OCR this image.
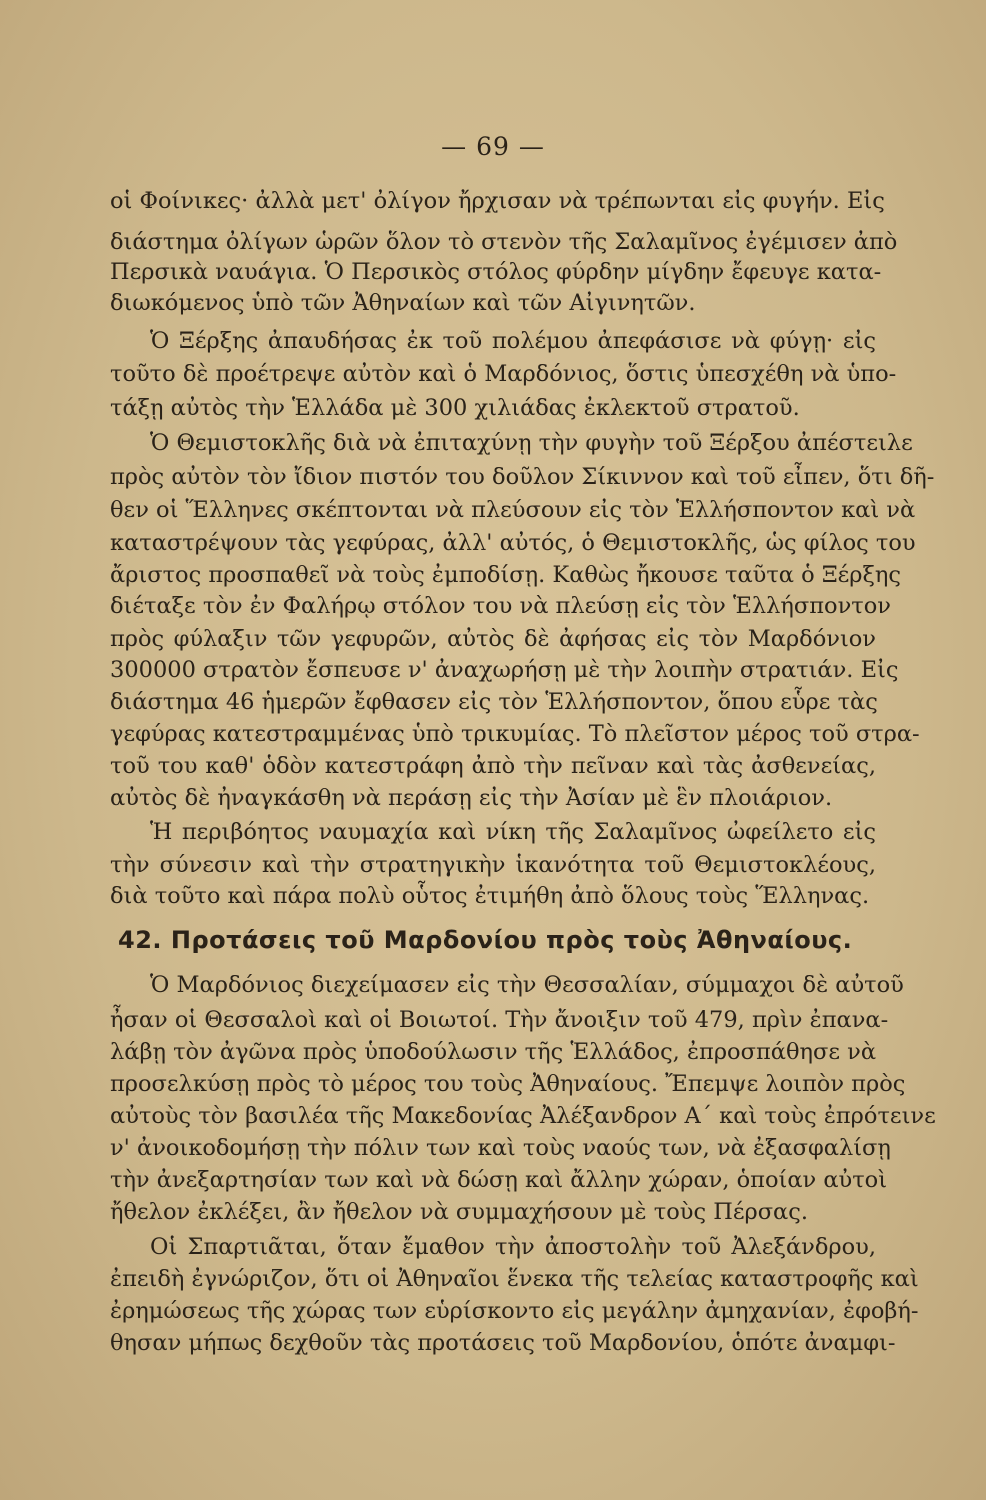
— 69 —
οἱ Φοίνικες· ἀλλὰ μετ' ὀλίγον ἤρχισαν νὰ τρέπωνται εἰς φυγήν. Εἰς
διάστημα ὀλίγων ὡρῶν ὅλον τὸ στενὸν τῆς Σαλαμῖνος ἐγέμισεν ἀπὸ
Περσικὰ ναυάγια. Ὁ Περσικὸς στόλος φύρδην μίγδην ἔφευγε κατα-
διωκόμενος ὑπὸ τῶν Ἀθηναίων καὶ τῶν Αἰγινητῶν.
Ὁ Ξέρξης ἀπαυδήσας ἐκ τοῦ πολέμου ἀπεφάσισε νὰ φύγῃ· εἰς
τοῦτο δὲ προέτρεψε αὐτὸν καὶ ὁ Μαρδόνιος, ὅστις ὑπεσχέθη νὰ ὑπο-
τάξῃ αὐτὸς τὴν Ἑλλάδα μὲ 300 χιλιάδας ἐκλεκτοῦ στρατοῦ.
Ὁ Θεμιστοκλῆς διὰ νὰ ἐπιταχύνῃ τὴν φυγὴν τοῦ Ξέρξου ἀπέστειλε
πρὸς αὐτὸν τὸν ἴδιον πιστόν του δοῦλον Σίκιννον καὶ τοῦ εἶπεν, ὅτι δῆ-
θεν οἱ Ἕλληνες σκέπτονται νὰ πλεύσουν εἰς τὸν Ἑλλήσποντον καὶ νὰ
καταστρέψουν τὰς γεφύρας, ἀλλ' αὐτός, ὁ Θεμιστοκλῆς, ὡς φίλος του
ἄριστος προσπαθεῖ νὰ τοὺς ἐμποδίσῃ. Καθὼς ἤκουσε ταῦτα ὁ Ξέρξης
διέταξε τὸν ἐν Φαλήρῳ στόλον του νὰ πλεύσῃ εἰς τὸν Ἑλλήσποντον
πρὸς φύλαξιν τῶν γεφυρῶν, αὐτὸς δὲ ἀφήσας εἰς τὸν Μαρδόνιον
300000 στρατὸν ἔσπευσε ν' ἀναχωρήσῃ μὲ τὴν λοιπὴν στρατιάν. Εἰς
διάστημα 46 ἡμερῶν ἔφθασεν εἰς τὸν Ἑλλήσποντον, ὅπου εὗρε τὰς
γεφύρας κατεστραμμένας ὑπὸ τρικυμίας. Τὸ πλεῖστον μέρος τοῦ στρα-
τοῦ του καθ' ὁδὸν κατεστράφη ἀπὸ τὴν πεῖναν καὶ τὰς ἀσθενείας,
αὐτὸς δὲ ἠναγκάσθη νὰ περάσῃ εἰς τὴν Ἀσίαν μὲ ἓν πλοιάριον.
Ἡ περιβόητος ναυμαχία καὶ νίκη τῆς Σαλαμῖνος ὠφείλετο εἰς
τὴν σύνεσιν καὶ τὴν στρατηγικὴν ἱκανότητα τοῦ Θεμιστοκλέους,
διὰ τοῦτο καὶ πάρα πολὺ οὗτος ἐτιμήθη ἀπὸ ὅλους τοὺς Ἕλληνας.
42. Προτάσεις τοῦ Μαρδονίου πρὸς τοὺς Ἀθηναίους.
Ὁ Μαρδόνιος διεχείμασεν εἰς τὴν Θεσσαλίαν, σύμμαχοι δὲ αὐτοῦ
ἦσαν οἱ Θεσσαλοὶ καὶ οἱ Βοιωτοί. Τὴν ἄνοιξιν τοῦ 479, πρὶν ἐπανα-
λάβῃ τὸν ἀγῶνα πρὸς ὑποδούλωσιν τῆς Ἑλλάδος, ἐπροσπάθησε νὰ
προσελκύσῃ πρὸς τὸ μέρος του τοὺς Ἀθηναίους. Ἔπεμψε λοιπὸν πρὸς
αὐτοὺς τὸν βασιλέα τῆς Μακεδονίας Ἀλέξανδρον Α΄ καὶ τοὺς ἐπρότεινε
ν' ἀνοικοδομήσῃ τὴν πόλιν των καὶ τοὺς ναούς των, νὰ ἐξασφαλίσῃ
τὴν ἀνεξαρτησίαν των καὶ νὰ δώσῃ καὶ ἄλλην χώραν, ὁποίαν αὐτοὶ
ἤθελον ἐκλέξει, ἂν ἤθελον νὰ συμμαχήσουν μὲ τοὺς Πέρσας.
Οἱ Σπαρτιᾶται, ὅταν ἔμαθον τὴν ἀποστολὴν τοῦ Ἀλεξάνδρου,
ἐπειδὴ ἐγνώριζον, ὅτι οἱ Ἀθηναῖοι ἕνεκα τῆς τελείας καταστροφῆς καὶ
ἐρημώσεως τῆς χώρας των εὑρίσκοντο εἰς μεγάλην ἀμηχανίαν, ἐφοβή-
θησαν μήπως δεχθοῦν τὰς προτάσεις τοῦ Μαρδονίου, ὁπότε ἀναμφι-
